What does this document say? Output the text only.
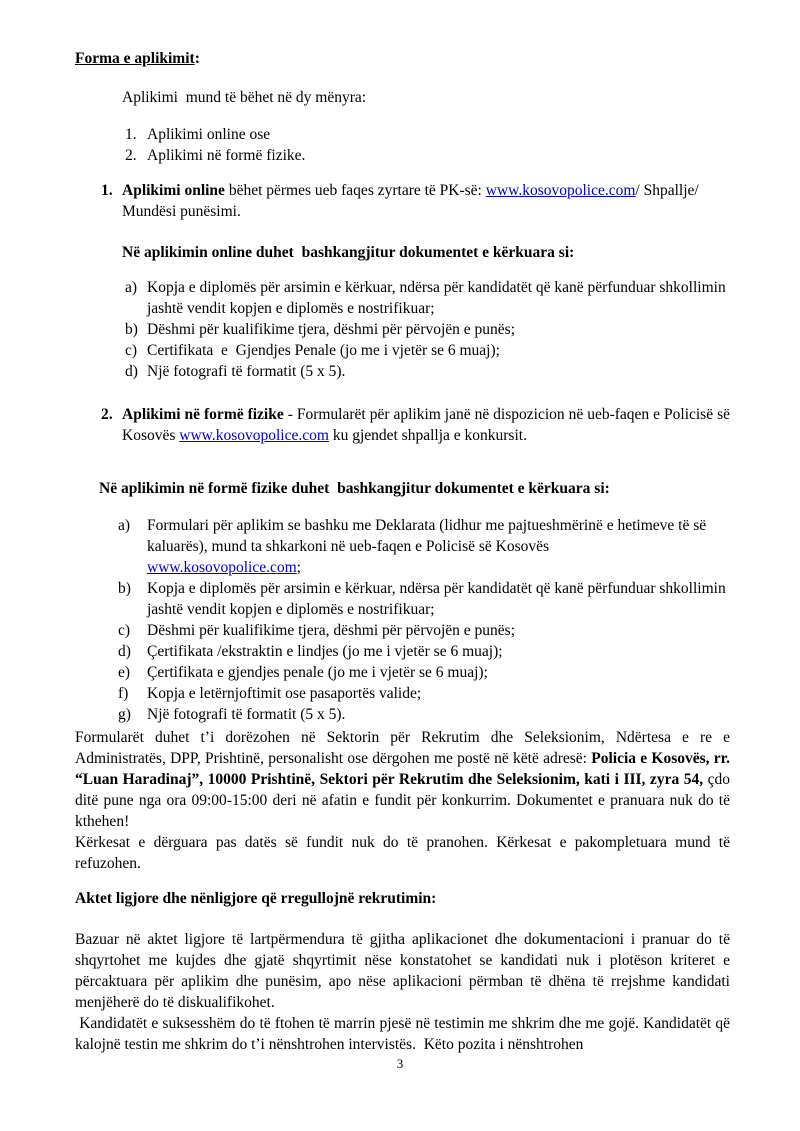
Forma e aplikimit:
Aplikimi  mund të bëhet në dy mënyra:
1. Aplikimi online ose
2. Aplikimi në formë fizike.
1. Aplikimi online bëhet përmes ueb faqes zyrtare të PK-së: www.kosovopolice.com/ Shpallje/ Mundësi punësimi.
Në aplikimin online duhet  bashkangjitur dokumentet e kërkuara si:
a) Kopja e diplomës për arsimin e kërkuar, ndërsa për kandidatët që kanë përfunduar shkollimin jashtë vendit kopjen e diplomës e nostrifikuar;
b) Dëshmi për kualifikime tjera, dëshmi për përvojën e punës;
c) Certifikata  e  Gjendjes Penale (jo me i vjetër se 6 muaj);
d) Një fotografi të formatit (5 x 5).
2. Aplikimi në formë fizike - Formularët për aplikim janë në dispozicion në ueb-faqen e Policisë së Kosovës www.kosovopolice.com ku gjendet shpallja e konkursit.
Në aplikimin në formë fizike duhet  bashkangjitur dokumentet e kërkuara si:
a)	Formulari për aplikim se bashku me Deklarata (lidhur me pajtueshmërinë e hetimeve të së kaluarës), mund ta shkarkoni në ueb-faqen e Policisë së Kosovës
www.kosovopolice.com;
b)	Kopja e diplomës për arsimin e kërkuar, ndërsa për kandidatët që kanë përfunduar shkollimin jashtë vendit kopjen e diplomës e nostrifikuar;
c)	Dëshmi për kualifikime tjera, dëshmi për përvojën e punës;
d)	Çertifikata /ekstraktin e lindjes (jo me i vjetër se 6 muaj);
e)	Çertifikata e gjendjes penale (jo me i vjetër se 6 muaj);
f)	Kopja e letërnjoftimit ose pasaportës valide;
g)	Një fotografi të formatit (5 x 5).

Formularët duhet t’i dorëzohen në Sektorin për Rekrutim dhe Seleksionim, Ndërtesa e re e Administratës, DPP, Prishtinë, personalisht ose dërgohen me postë në këtë adresë: Policia e Kosovës, rr. “Luan Haradinaj”, 10000 Prishtinë, Sektori për Rekrutim dhe Seleksionim, kati i III, zyra 54, çdo ditë pune nga ora 09:00-15:00 deri në afatin e fundit për konkurrim. Dokumentet e pranuara nuk do të kthehen!

Kërkesat e dërguara pas datës së fundit nuk do të pranohen. Kërkesat e pakompletuara mund të refuzohen.

Aktet ligjore dhe nënligjore që rregullojnë rekrutimin:

Bazuar në aktet ligjore të lartpërmendura të gjitha aplikacionet dhe dokumentacioni i pranuar do të shqyrtohet me kujdes dhe gjatë shqyrtimit nëse konstatohet se kandidati nuk i plotëson kriteret e përcaktuara për aplikim dhe punësim, apo nëse aplikacioni përmban të dhëna të rrejshme kandidati menjëherë do të diskualifikohet.

Kandidatët e suksesshëm do të ftohen të marrin pjesë në testimin me shkrim dhe me gojë. Kandidatët që kalojnë testin me shkrim do t’i nënshtrohen intervistës.  Këto pozita i nënshtrohen

3
